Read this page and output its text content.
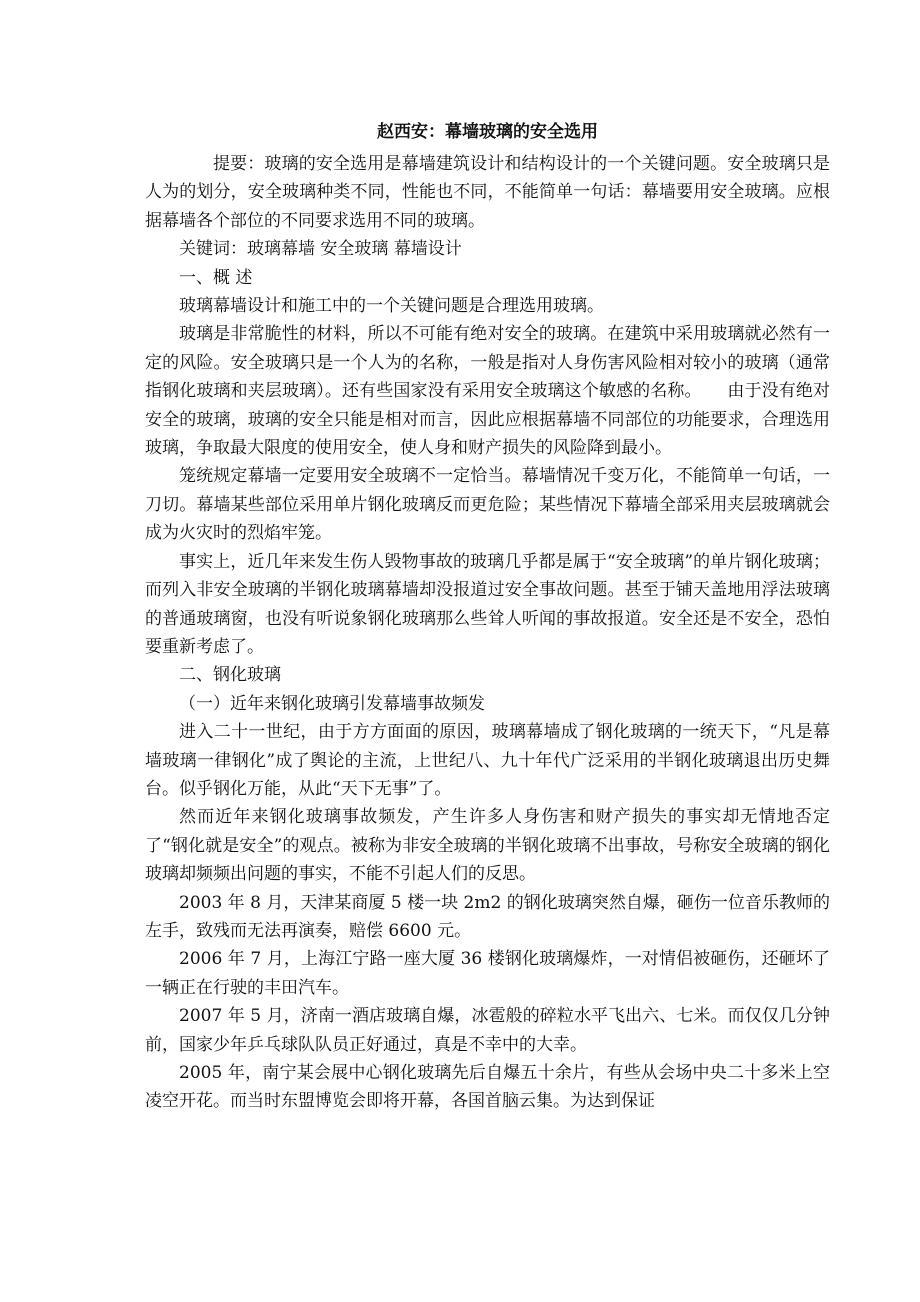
赵西安：幕墙玻璃的安全选用

提要：玻璃的安全选用是幕墙建筑设计和结构设计的一个关键问题。安全玻璃只是人为的划分，安全玻璃种类不同，性能也不同，不能简单一句话：幕墙要用安全玻璃。应根据幕墙各个部位的不同要求选用不同的玻璃。

关键词：玻璃幕墙 安全玻璃 幕墙设计

一、概 述

玻璃幕墙设计和施工中的一个关键问题是合理选用玻璃。

玻璃是非常脆性的材料，所以不可能有绝对安全的玻璃。在建筑中采用玻璃就必然有一定的风险。安全玻璃只是一个人为的名称，一般是指对人身伤害风险相对较小的玻璃（通常指钢化玻璃和夹层玻璃）。还有些国家没有采用安全玻璃这个敏感的名称。　　由于没有绝对安全的玻璃，玻璃的安全只能是相对而言，因此应根据幕墙不同部位的功能要求，合理选用玻璃，争取最大限度的使用安全，使人身和财产损失的风险降到最小。

笼统规定幕墙一定要用安全玻璃不一定恰当。幕墙情况千变万化，不能简单一句话，一刀切。幕墙某些部位采用单片钢化玻璃反而更危险；某些情况下幕墙全部采用夹层玻璃就会成为火灾时的烈焰牢笼。

事实上，近几年来发生伤人毁物事故的玻璃几乎都是属于“安全玻璃”的单片钢化玻璃；而列入非安全玻璃的半钢化玻璃幕墙却没报道过安全事故问题。甚至于铺天盖地用浮法玻璃的普通玻璃窗，也没有听说象钢化玻璃那么些耸人听闻的事故报道。安全还是不安全，恐怕要重新考虑了。

二、钢化玻璃

（一）近年来钢化玻璃引发幕墙事故频发

进入二十一世纪，由于方方面面的原因，玻璃幕墙成了钢化玻璃的一统天下，“凡是幕墙玻璃一律钢化”成了舆论的主流，上世纪八、九十年代广泛采用的半钢化玻璃退出历史舞台。似乎钢化万能，从此“天下无事”了。

然而近年来钢化玻璃事故频发，产生许多人身伤害和财产损失的事实却无情地否定了“钢化就是安全”的观点。被称为非安全玻璃的半钢化玻璃不出事故，号称安全玻璃的钢化玻璃却频频出问题的事实，不能不引起人们的反思。

2003 年 8 月，天津某商厦 5 楼一块 2m2 的钢化玻璃突然自爆，砸伤一位音乐教师的左手，致残而无法再演奏，赔偿 6600 元。

2006 年 7 月，上海江宁路一座大厦 36 楼钢化玻璃爆炸，一对情侣被砸伤，还砸坏了一辆正在行驶的丰田汽车。

2007 年 5 月，济南一酒店玻璃自爆，冰雹般的碎粒水平飞出六、七米。而仅仅几分钟前，国家少年乒乓球队队员正好通过，真是不幸中的大幸。

2005 年，南宁某会展中心钢化玻璃先后自爆五十余片，有些从会场中央二十多米上空凌空开花。而当时东盟博览会即将开幕，各国首脑云集。为达到保证
